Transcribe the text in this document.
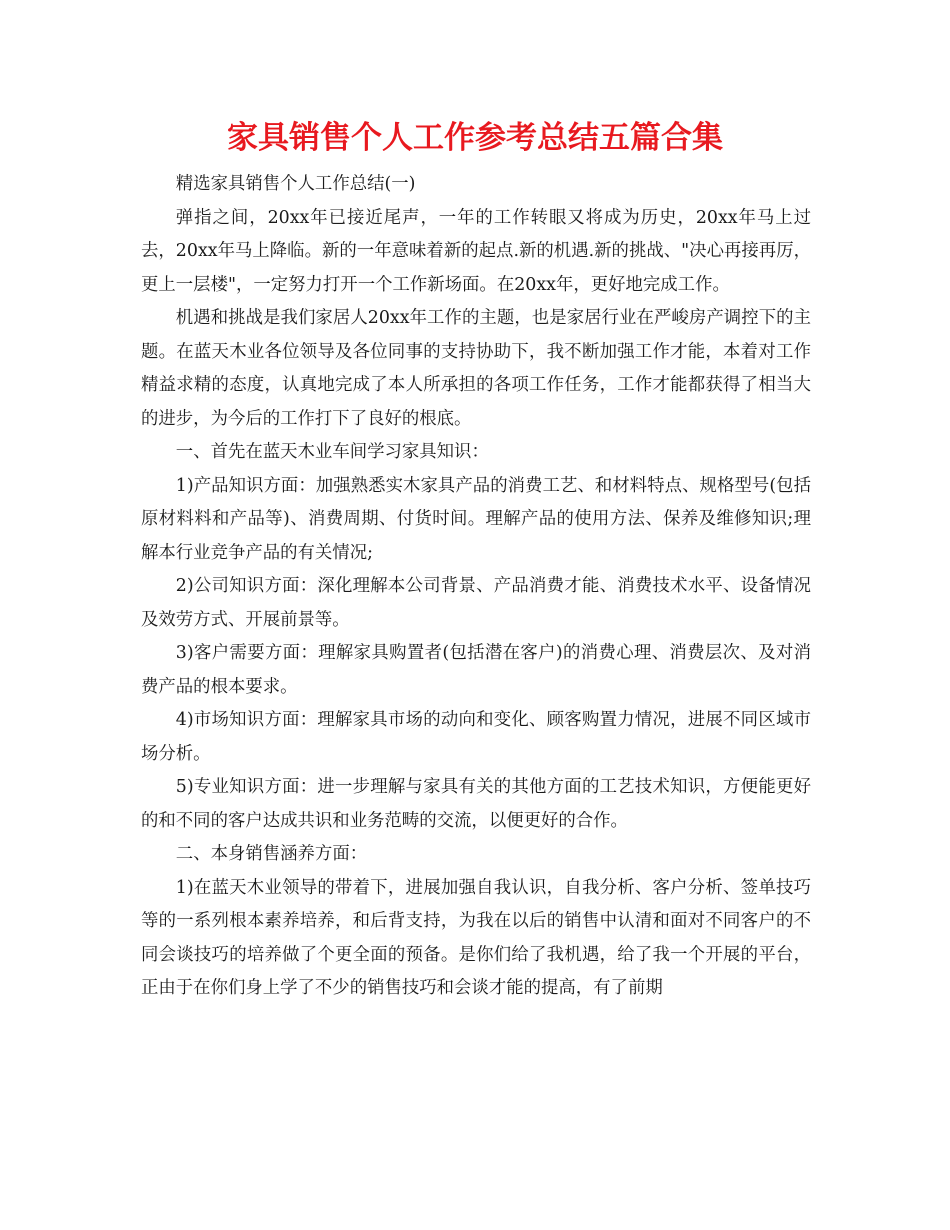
家具销售个人工作参考总结五篇合集

精选家具销售个人工作总结(一)

弹指之间，20xx年已接近尾声，一年的工作转眼又将成为历史，20xx年马上过去，20xx年马上降临。新的一年意味着新的起点.新的机遇.新的挑战、"决心再接再厉，更上一层楼"，一定努力打开一个工作新场面。在20xx年，更好地完成工作。

机遇和挑战是我们家居人20xx年工作的主题，也是家居行业在严峻房产调控下的主题。在蓝天木业各位领导及各位同事的支持协助下，我不断加强工作才能，本着对工作精益求精的态度，认真地完成了本人所承担的各项工作任务，工作才能都获得了相当大的进步，为今后的工作打下了良好的根底。

一、首先在蓝天木业车间学习家具知识：

1)产品知识方面：加强熟悉实木家具产品的消费工艺、和材料特点、规格型号(包括原材料料和产品等)、消费周期、付货时间。理解产品的使用方法、保养及维修知识;理解本行业竞争产品的有关情况;

2)公司知识方面：深化理解本公司背景、产品消费才能、消费技术水平、设备情况及效劳方式、开展前景等。

3)客户需要方面：理解家具购置者(包括潜在客户)的消费心理、消费层次、及对消费产品的根本要求。

4)市场知识方面：理解家具市场的动向和变化、顾客购置力情况，进展不同区域市场分析。

5)专业知识方面：进一步理解与家具有关的其他方面的工艺技术知识，方便能更好的和不同的客户达成共识和业务范畴的交流，以便更好的合作。

二、本身销售涵养方面：

1)在蓝天木业领导的带着下，进展加强自我认识，自我分析、客户分析、签单技巧等的一系列根本素养培养，和后背支持，为我在以后的销售中认清和面对不同客户的不同会谈技巧的培养做了个更全面的预备。是你们给了我机遇，给了我一个开展的平台，正由于在你们身上学了不少的销售技巧和会谈才能的提高，有了前期
